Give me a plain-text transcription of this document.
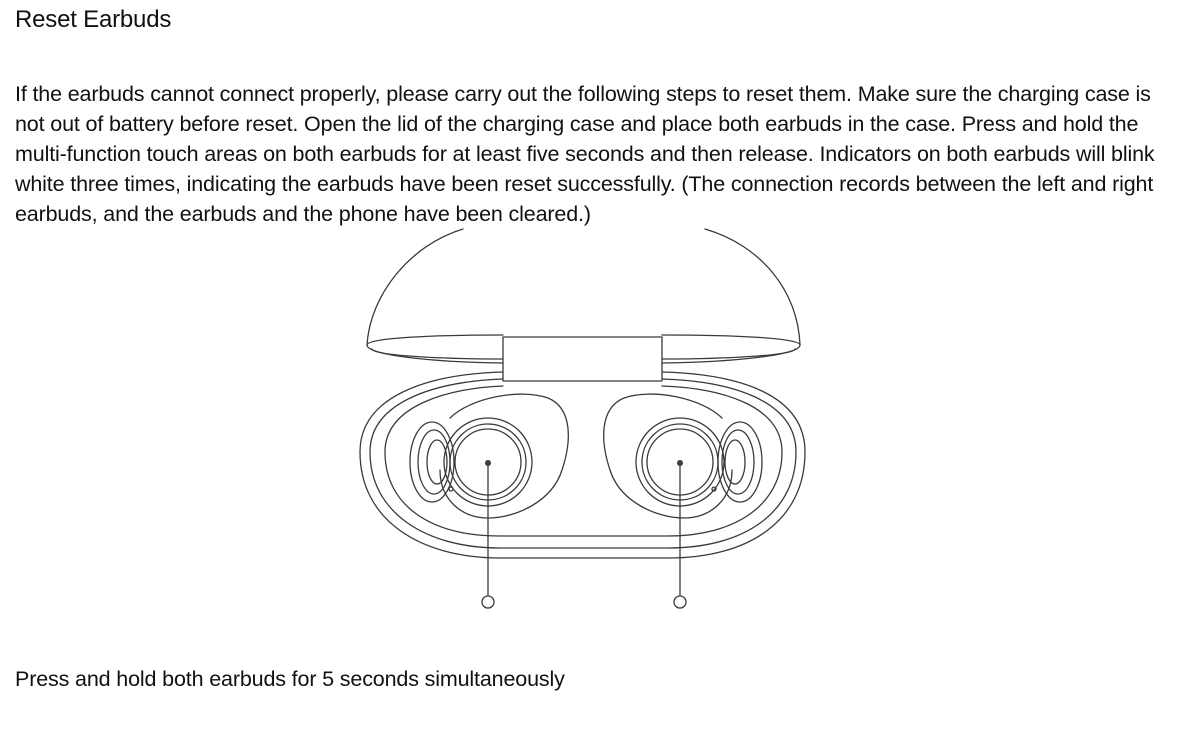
Reset Earbuds

If the earbuds cannot connect properly, please carry out the following steps to reset them. Make sure the charging case is not out of battery before reset. Open the lid of the charging case and place both earbuds in the case. Press and hold the multi-function touch areas on both earbuds for at least five seconds and then release. Indicators on both earbuds will blink white three times, indicating the earbuds have been reset successfully. (The connection records between the left and right earbuds, and the earbuds and the phone have been cleared.)

Press and hold both earbuds for 5 seconds simultaneously
